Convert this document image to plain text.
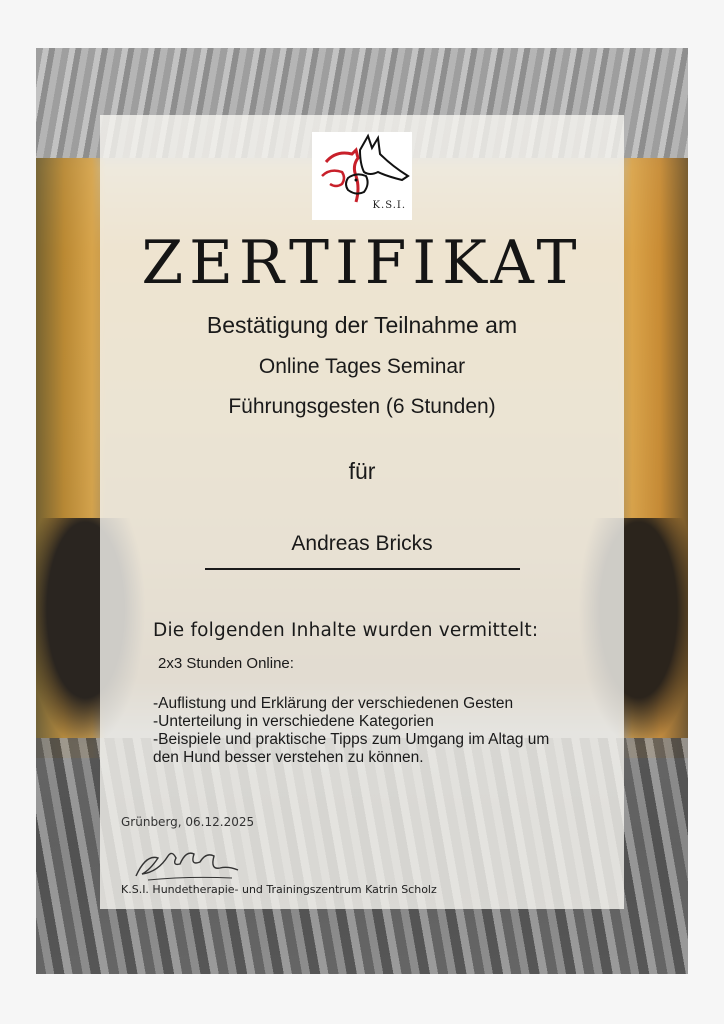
K.S.I.
ZERTIFIKAT
Bestätigung der Teilnahme am
Online Tages Seminar
Führungsgesten (6 Stunden)
für
Andreas Bricks
Die folgenden Inhalte wurden vermittelt:
2x3 Stunden Online:
-Auflistung und Erklärung der verschiedenen Gesten
-Unterteilung in verschiedene Kategorien
-Beispiele und praktische Tipps zum Umgang im Altag um den Hund besser verstehen zu können.
Grünberg, 06.12.2025
K.S.I. Hundetherapie- und Trainingszentrum Katrin Scholz
